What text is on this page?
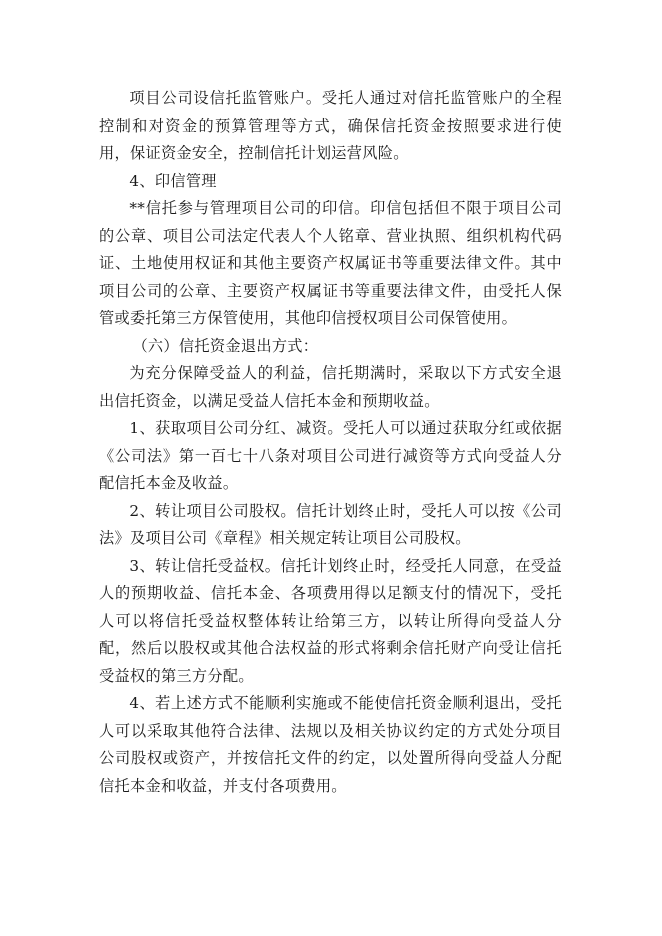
项目公司设信托监管账户。受托人通过对信托监管账户的全程控制和对资金的预算管理等方式，确保信托资金按照要求进行使用，保证资金安全，控制信托计划运营风险。

4、印信管理

**信托参与管理项目公司的印信。印信包括但不限于项目公司的公章、项目公司法定代表人个人铭章、营业执照、组织机构代码证、土地使用权证和其他主要资产权属证书等重要法律文件。其中项目公司的公章、主要资产权属证书等重要法律文件，由受托人保管或委托第三方保管使用，其他印信授权项目公司保管使用。

（六）信托资金退出方式：

为充分保障受益人的利益，信托期满时，采取以下方式安全退出信托资金，以满足受益人信托本金和预期收益。

1、获取项目公司分红、减资。受托人可以通过获取分红或依据《公司法》第一百七十八条对项目公司进行减资等方式向受益人分配信托本金及收益。

2、转让项目公司股权。信托计划终止时，受托人可以按《公司法》及项目公司《章程》相关规定转让项目公司股权。

3、转让信托受益权。信托计划终止时，经受托人同意，在受益人的预期收益、信托本金、各项费用得以足额支付的情况下，受托人可以将信托受益权整体转让给第三方，以转让所得向受益人分配，然后以股权或其他合法权益的形式将剩余信托财产向受让信托受益权的第三方分配。

4、若上述方式不能顺利实施或不能使信托资金顺利退出，受托人可以采取其他符合法律、法规以及相关协议约定的方式处分项目公司股权或资产，并按信托文件的约定，以处置所得向受益人分配信托本金和收益，并支付各项费用。
